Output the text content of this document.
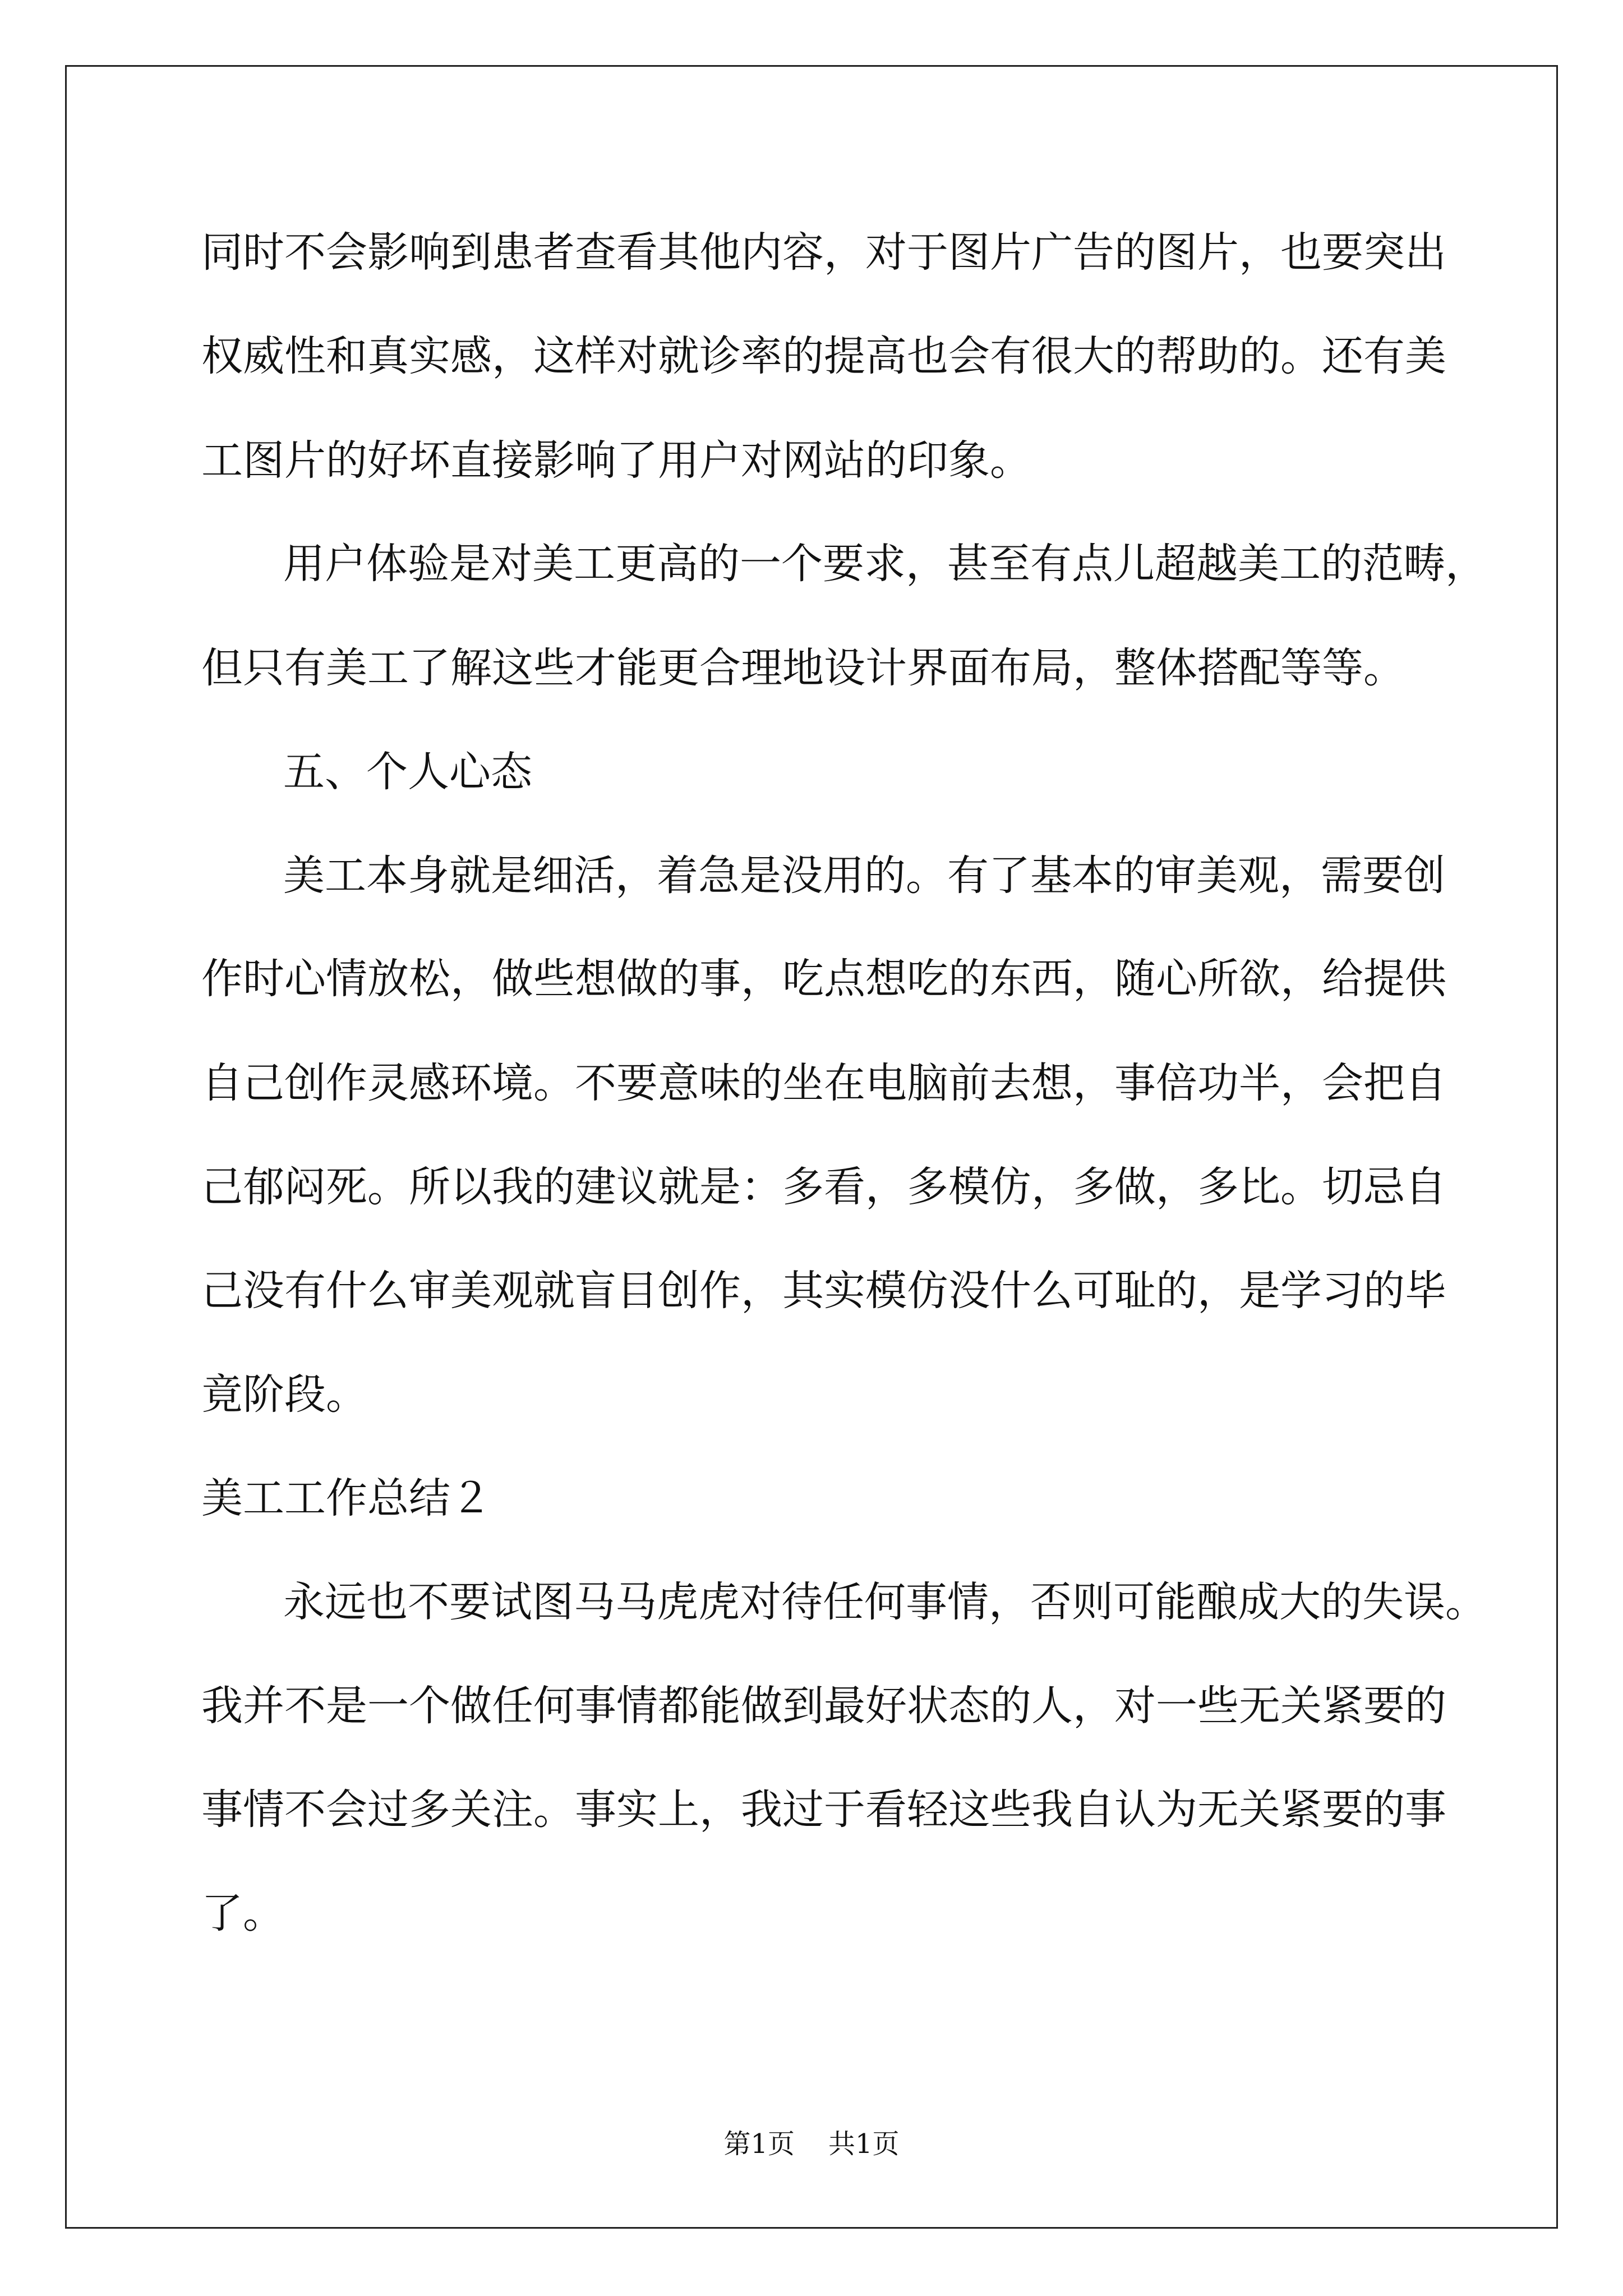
同时不会影响到患者查看其他内容，对于图片广告的图片，也要突出
权威性和真实感，这样对就诊率的提高也会有很大的帮助的。还有美
工图片的好坏直接影响了用户对网站的印象。
用户体验是对美工更高的一个要求，甚至有点儿超越美工的范畴，
但只有美工了解这些才能更合理地设计界面布局，整体搭配等等。
五、个人心态
美工本身就是细活，着急是没用的。有了基本的审美观，需要创
作时心情放松，做些想做的事，吃点想吃的东西，随心所欲，给提供
自己创作灵感环境。不要意味的坐在电脑前去想，事倍功半，会把自
己郁闷死。所以我的建议就是：多看，多模仿，多做，多比。切忌自
己没有什么审美观就盲目创作，其实模仿没什么可耻的，是学习的毕
竟阶段。
美工工作总结２
永远也不要试图马马虎虎对待任何事情，否则可能酿成大的失误。
我并不是一个做任何事情都能做到最好状态的人，对一些无关紧要的
事情不会过多关注。事实上，我过于看轻这些我自认为无关紧要的事
了。
第1页 共1页
